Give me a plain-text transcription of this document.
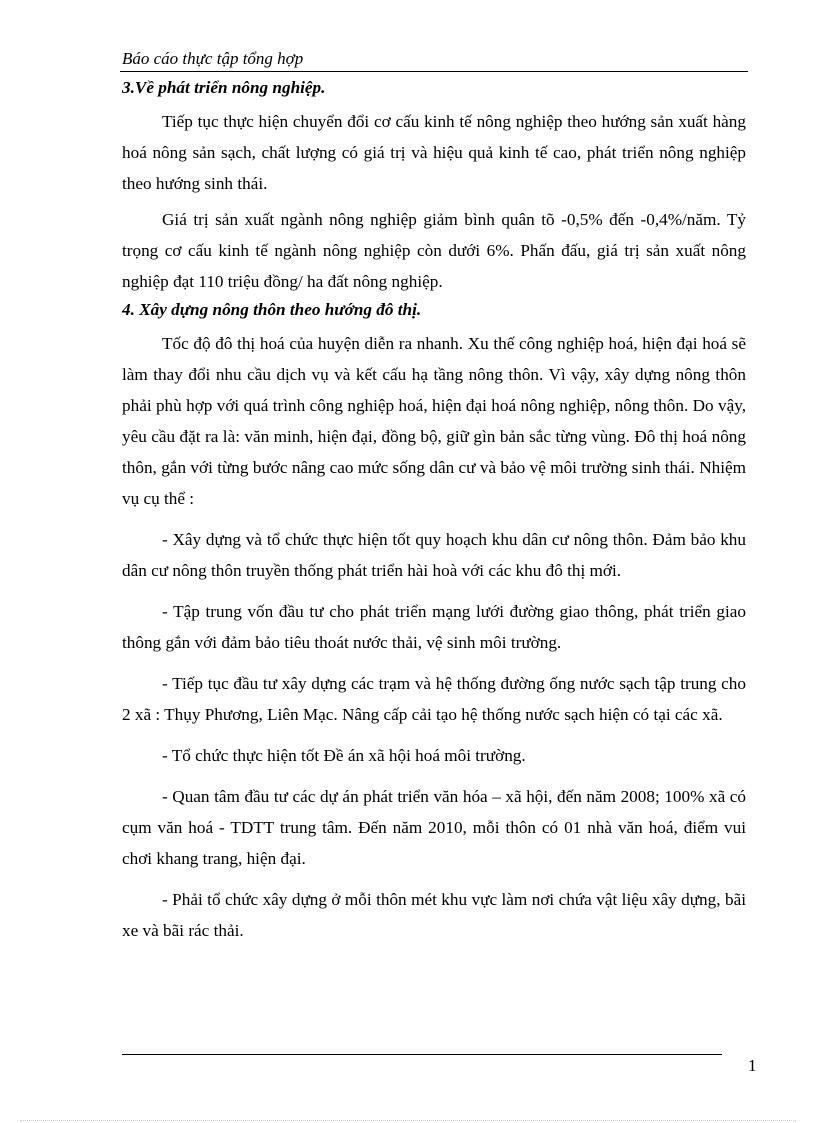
Báo cáo thực tập tổng hợp
3.Về phát triển nông nghiệp.

Tiếp tục thực hiện chuyển đổi cơ cấu kinh tế nông nghiệp theo hướng sản xuất hàng hoá nông sản sạch, chất lượng có giá trị và hiệu quả kinh tế cao, phát triển nông nghiệp theo hướng sinh thái.

Giá trị sản xuất ngành nông nghiệp giảm bình quân tõ -0,5% đến -0,4%/năm. Tỷ trọng cơ cấu kinh tế ngành nông nghiệp còn dưới 6%. Phấn đấu, giá trị sản xuất nông nghiệp đạt 110 triệu đồng/ ha đất nông nghiệp.

4. Xây dựng nông thôn theo hướng đô thị.

Tốc độ đô thị hoá của huyện diễn ra nhanh. Xu thế công nghiệp hoá, hiện đại hoá sẽ làm thay đổi nhu cầu dịch vụ và kết cấu hạ tầng nông thôn. Vì vậy, xây dựng nông thôn phải phù hợp với quá trình công nghiệp hoá, hiện đại hoá nông nghiệp, nông thôn. Do vậy, yêu cầu đặt ra là: văn minh, hiện đại, đồng bộ, giữ gìn bản sắc từng vùng. Đô thị hoá nông thôn, gắn với từng bước nâng cao mức sống dân cư và bảo vệ môi trường sinh thái. Nhiệm vụ cụ thể :

- Xây dựng và tổ chức thực hiện tốt quy hoạch khu dân cư nông thôn. Đảm bảo khu dân cư nông thôn truyền thống phát triển hài hoà với các khu đô thị mới.

- Tập trung vốn đầu tư cho phát triển mạng lưới đường giao thông, phát triển giao thông gắn với đảm bảo tiêu thoát nước thải, vệ sinh môi trường.

- Tiếp tục đầu tư xây dựng các trạm và hệ thống đường ống nước sạch tập trung cho 2 xã : Thụy Phương, Liên Mạc. Nâng cấp cải tạo hệ thống nước sạch hiện có tại các xã.

- Tổ chức thực hiện tốt Đề án xã hội hoá môi trường.

- Quan tâm đầu tư các dự án phát triển văn hóa – xã hội, đến năm 2008; 100% xã có cụm văn hoá - TDTT trung tâm. Đến năm 2010, mỗi thôn có 01 nhà văn hoá, điểm vui chơi khang trang, hiện đại.

- Phải tổ chức xây dựng ở mỗi thôn mét khu vực làm nơi chứa vật liệu xây dựng, bãi xe và bãi rác thải.

1
